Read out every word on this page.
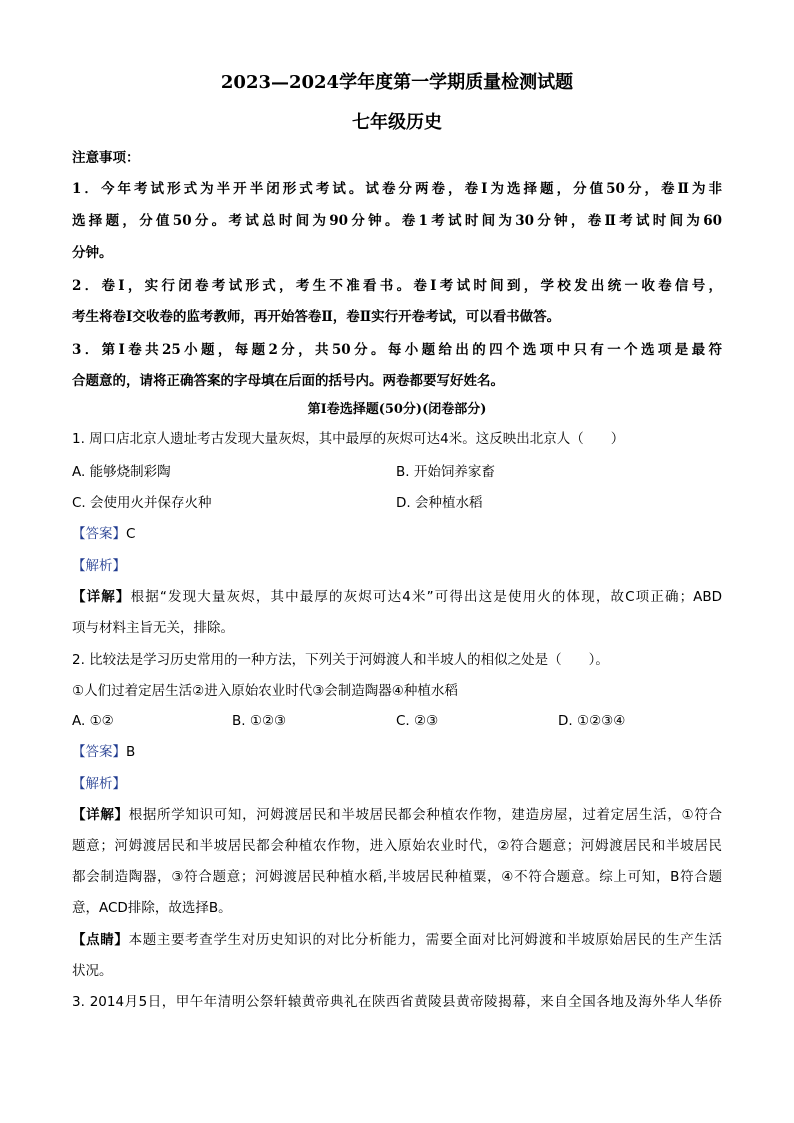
2023—2024学年度第一学期质量检测试题
七年级历史
注意事项：
1．今年考试形式为半开半闭形式考试。试卷分两卷，卷Ⅰ为选择题，分值50分，卷Ⅱ为非
选择题，分值50分。考试总时间为90分钟。卷1考试时间为30分钟，卷Ⅱ考试时间为60
分钟。
2．卷Ⅰ，实行闭卷考试形式，考生不准看书。卷Ⅰ考试时间到，学校发出统一收卷信号，
考生将卷Ⅰ交收卷的监考教师，再开始答卷Ⅱ，卷Ⅱ实行开卷考试，可以看书做答。
3．第Ⅰ卷共25小题，每题2分，共50分。每小题给出的四个选项中只有一个选项是最符
合题意的，请将正确答案的字母填在后面的括号内。两卷都要写好姓名。
第Ⅰ卷选择题(50分)(闭卷部分)
1. 周口店北京人遗址考古发现大量灰烬，其中最厚的灰烬可达4米。这反映出北京人（　　）
A. 能够烧制彩陶	B. 开始饲养家畜
C. 会使用火并保存火种	D. 会种植水稻
【答案】C
【解析】
【详解】根据“发现大量灰烬，其中最厚的灰烬可达4米”可得出这是使用火的体现，故C项正确；ABD
项与材料主旨无关，排除。
2. 比较法是学习历史常用的一种方法，下列关于河姆渡人和半坡人的相似之处是（　　）。
①人们过着定居生活②进入原始农业时代③会制造陶器④种植水稻
A. ①②	B. ①②③	C. ②③	D. ①②③④
【答案】B
【解析】
【详解】根据所学知识可知，河姆渡居民和半坡居民都会种植农作物，建造房屋，过着定居生活，①符合
题意；河姆渡居民和半坡居民都会种植农作物，进入原始农业时代，②符合题意；河姆渡居民和半坡居民
都会制造陶器，③符合题意；河姆渡居民种植水稻,半坡居民种植粟，④不符合题意。综上可知，B符合题
意，ACD排除，故选择B。
【点睛】本题主要考查学生对历史知识的对比分析能力，需要全面对比河姆渡和半坡原始居民的生产生活
状况。
3. 2014月5日，甲午年清明公祭轩辕黄帝典礼在陕西省黄陵县黄帝陵揭幕，来自全国各地及海外华人华侨
